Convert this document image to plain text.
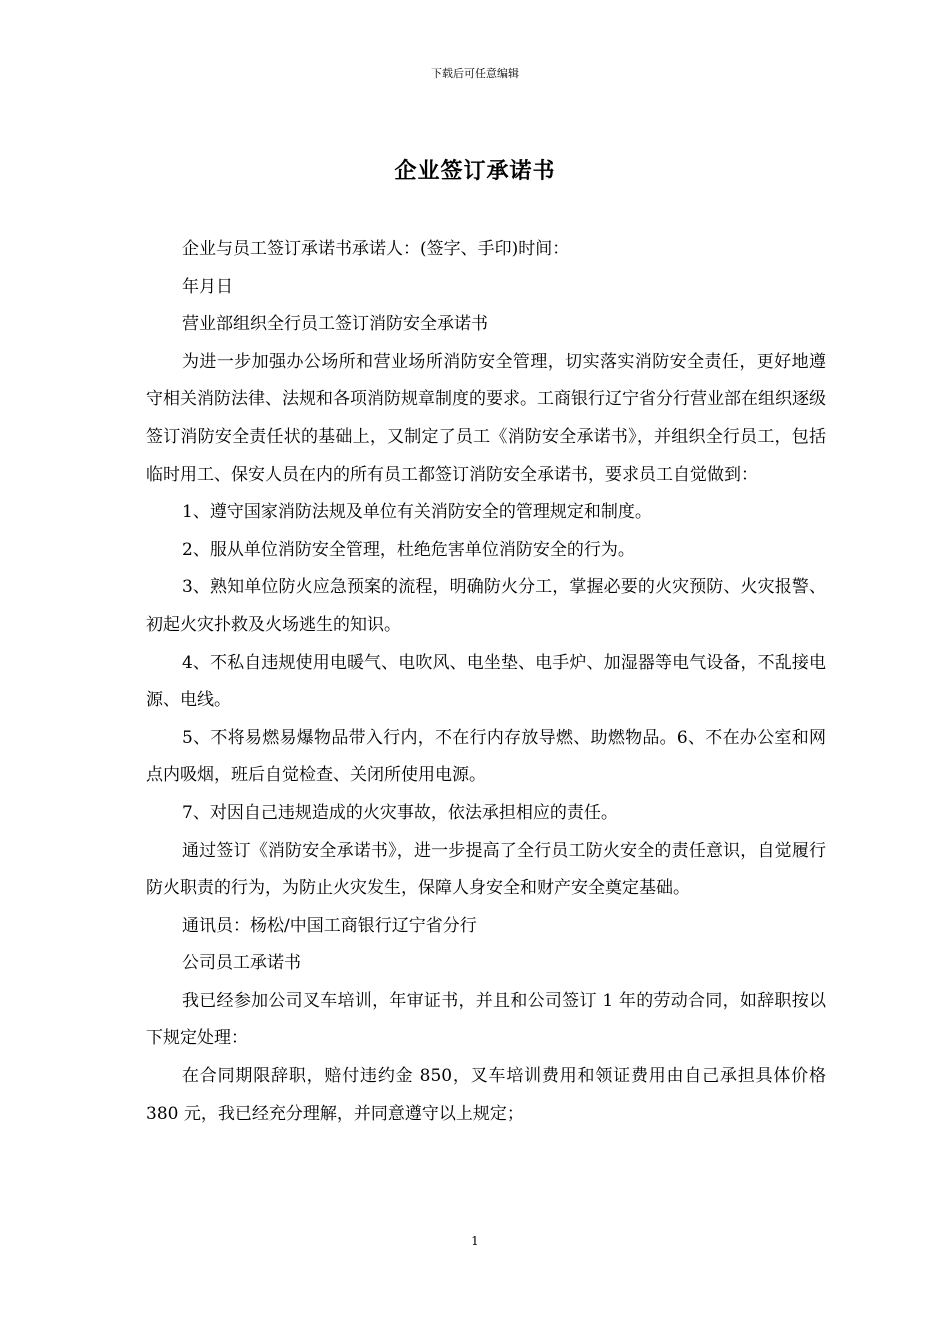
下载后可任意编辑
企业签订承诺书

企业与员工签订承诺书承诺人：(签字、手印)时间：

年月日

营业部组织全行员工签订消防安全承诺书

为进一步加强办公场所和营业场所消防安全管理，切实落实消防安全责任，更好地遵守相关消防法律、法规和各项消防规章制度的要求。工商银行辽宁省分行营业部在组织逐级签订消防安全责任状的基础上，又制定了员工《消防安全承诺书》，并组织全行员工，包括临时用工、保安人员在内的所有员工都签订消防安全承诺书，要求员工自觉做到：

1、遵守国家消防法规及单位有关消防安全的管理规定和制度。

2、服从单位消防安全管理，杜绝危害单位消防安全的行为。

3、熟知单位防火应急预案的流程，明确防火分工，掌握必要的火灾预防、火灾报警、初起火灾扑救及火场逃生的知识。

4、不私自违规使用电暖气、电吹风、电坐垫、电手炉、加湿器等电气设备，不乱接电源、电线。

5、不将易燃易爆物品带入行内，不在行内存放导燃、助燃物品。6、不在办公室和网点内吸烟，班后自觉检查、关闭所使用电源。

7、对因自己违规造成的火灾事故，依法承担相应的责任。

通过签订《消防安全承诺书》，进一步提高了全行员工防火安全的责任意识，自觉履行防火职责的行为，为防止火灾发生，保障人身安全和财产安全奠定基础。

通讯员：杨松/中国工商银行辽宁省分行

公司员工承诺书

我已经参加公司叉车培训，年审证书，并且和公司签订 1 年的劳动合同，如辞职按以下规定处理：

在合同期限辞职，赔付违约金 850，叉车培训费用和领证费用由自己承担具体价格 380 元，我已经充分理解，并同意遵守以上规定；

1
